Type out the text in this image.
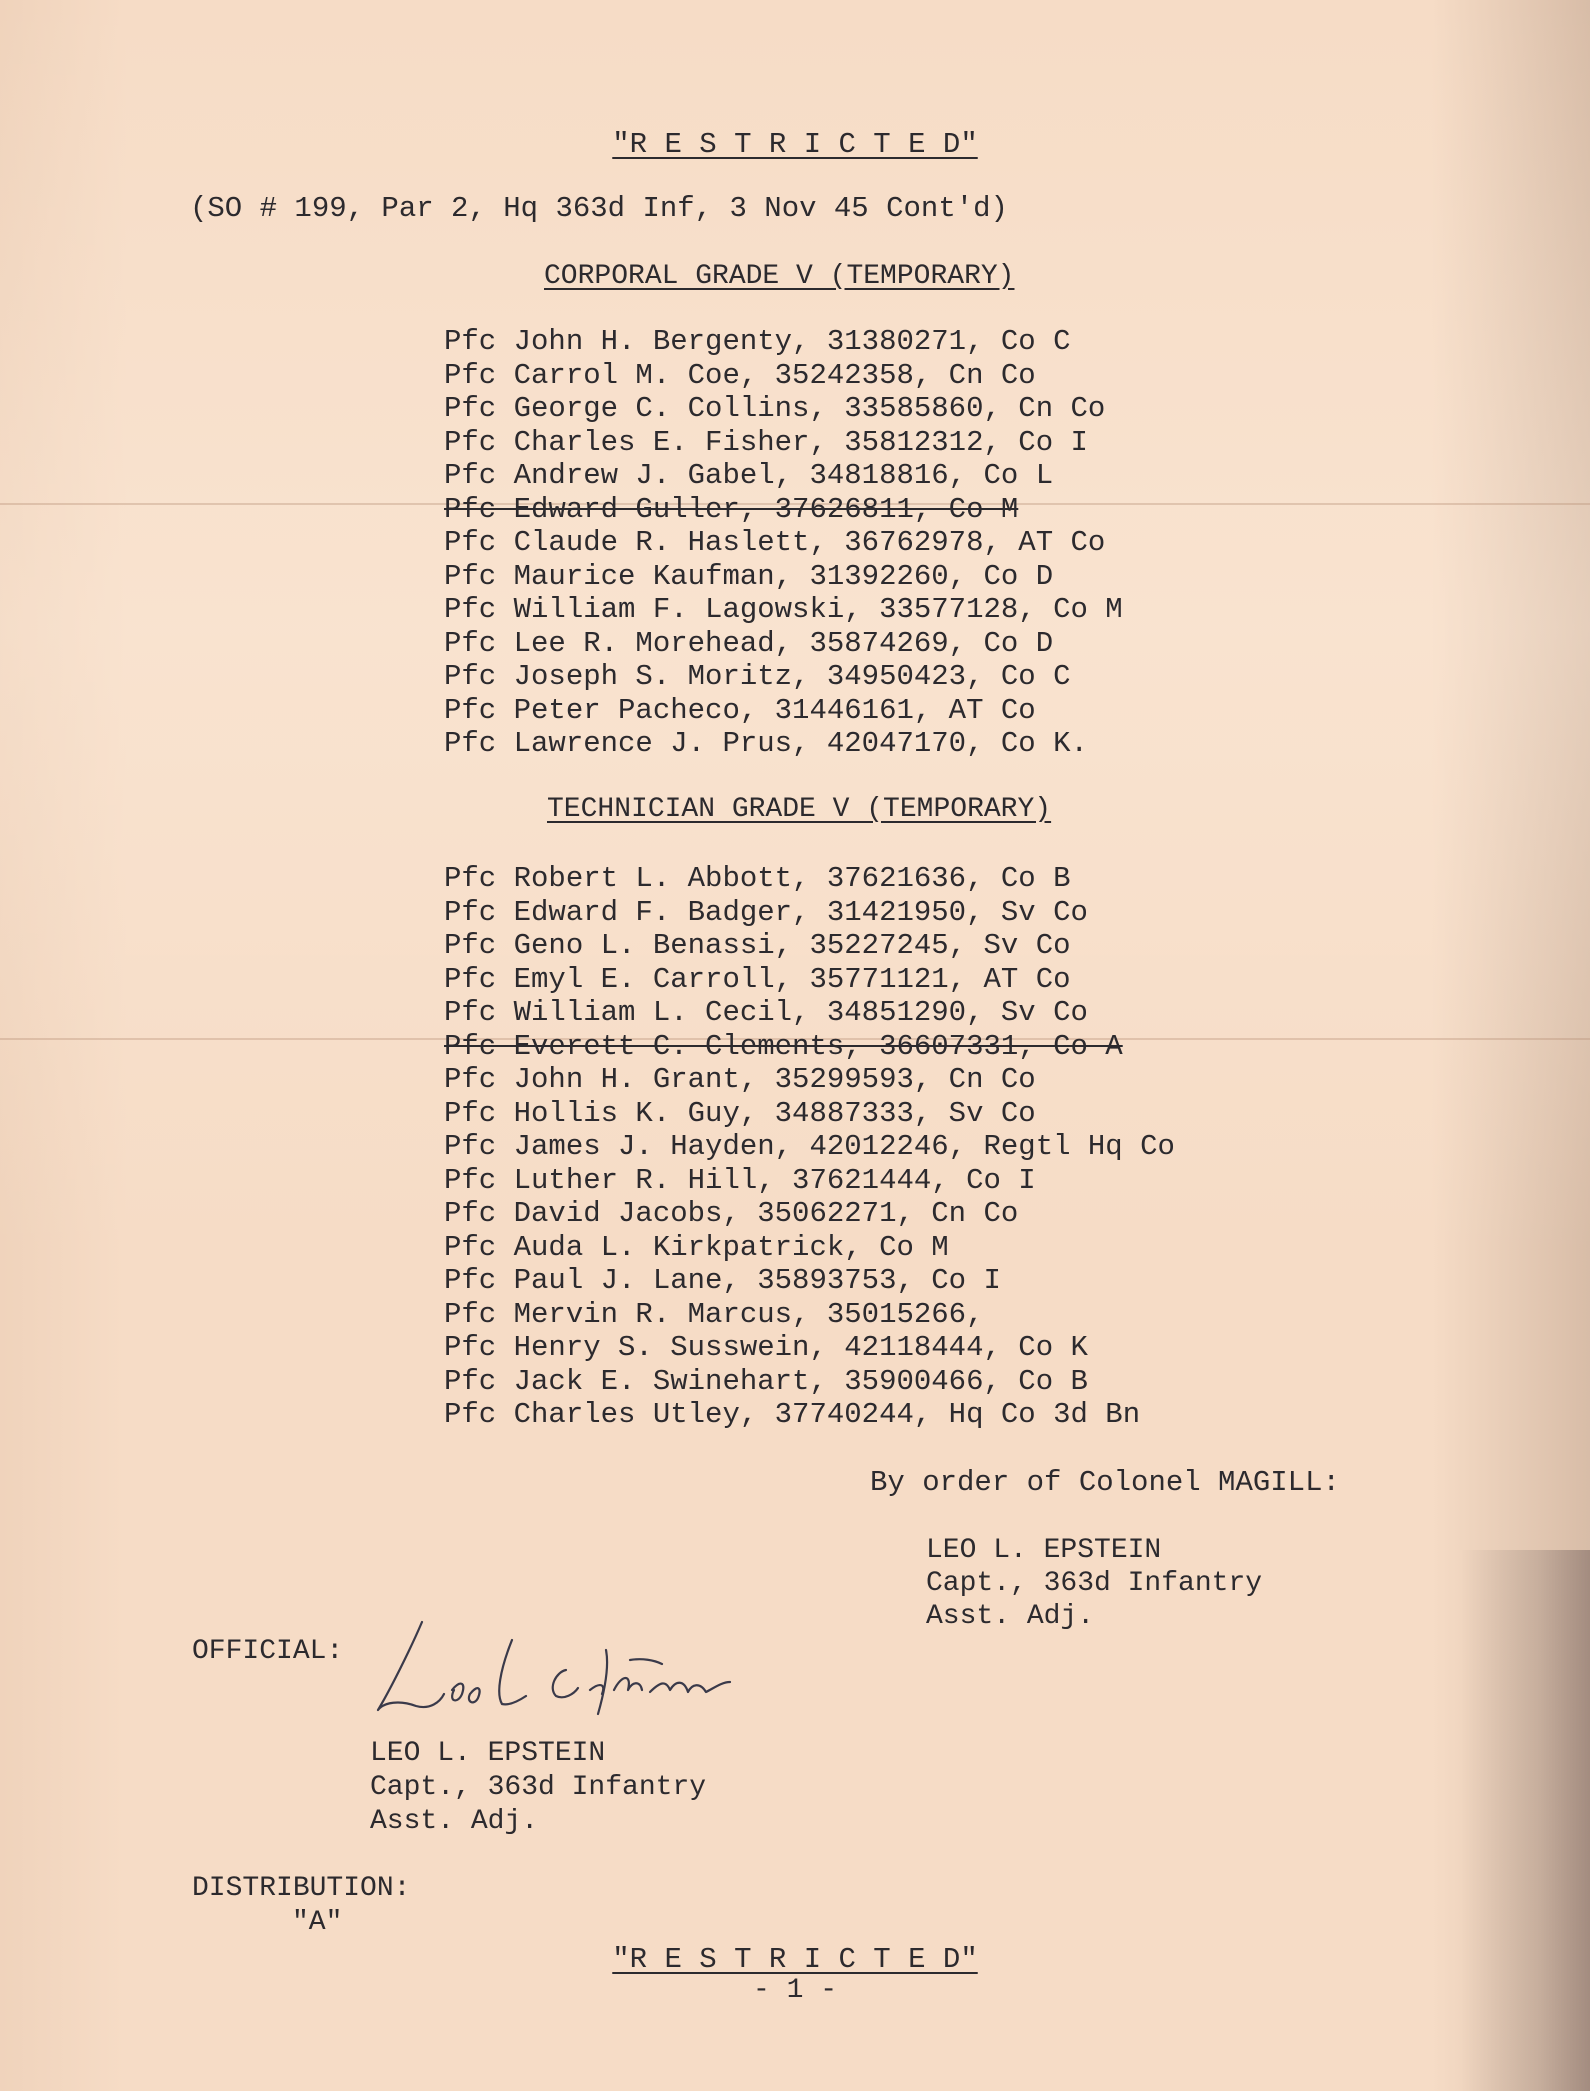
"R E S T R I C T E D"
(SO # 199, Par 2, Hq 363d Inf, 3 Nov 45 Cont'd)
CORPORAL GRADE V (TEMPORARY)
Pfc John H. Bergenty, 31380271, Co C
Pfc Carrol M. Coe, 35242358, Cn Co
Pfc George C. Collins, 33585860, Cn Co
Pfc Charles E. Fisher, 35812312, Co I
Pfc Andrew J. Gabel, 34818816, Co L
Pfc Edward Guller, 37626811, Co M
Pfc Claude R. Haslett, 36762978, AT Co
Pfc Maurice Kaufman, 31392260, Co D
Pfc William F. Lagowski, 33577128, Co M
Pfc Lee R. Morehead, 35874269, Co D
Pfc Joseph S. Moritz, 34950423, Co C
Pfc Peter Pacheco, 31446161, AT Co
Pfc Lawrence J. Prus, 42047170, Co K.
TECHNICIAN GRADE V (TEMPORARY)
Pfc Robert L. Abbott, 37621636, Co B
Pfc Edward F. Badger, 31421950, Sv Co
Pfc Geno L. Benassi, 35227245, Sv Co
Pfc Emyl E. Carroll, 35771121, AT Co
Pfc William L. Cecil, 34851290, Sv Co
Pfc Everett C. Clements, 36607331, Co A
Pfc John H. Grant, 35299593, Cn Co
Pfc Hollis K. Guy, 34887333, Sv Co
Pfc James J. Hayden, 42012246, Regtl Hq Co
Pfc Luther R. Hill, 37621444, Co I
Pfc David Jacobs, 35062271, Cn Co
Pfc Auda L. Kirkpatrick, Co M
Pfc Paul J. Lane, 35893753, Co I
Pfc Mervin R. Marcus, 35015266,
Pfc Henry S. Susswein, 42118444, Co K
Pfc Jack E. Swinehart, 35900466, Co B
Pfc Charles Utley, 37740244, Hq Co 3d Bn
By order of Colonel MAGILL:
LEO L. EPSTEIN
Capt., 363d Infantry
Asst. Adj.
OFFICIAL:
LEO L. EPSTEIN
Capt., 363d Infantry
Asst. Adj.
DISTRIBUTION:
"A"
"R E S T R I C T E D"
- 1 -
